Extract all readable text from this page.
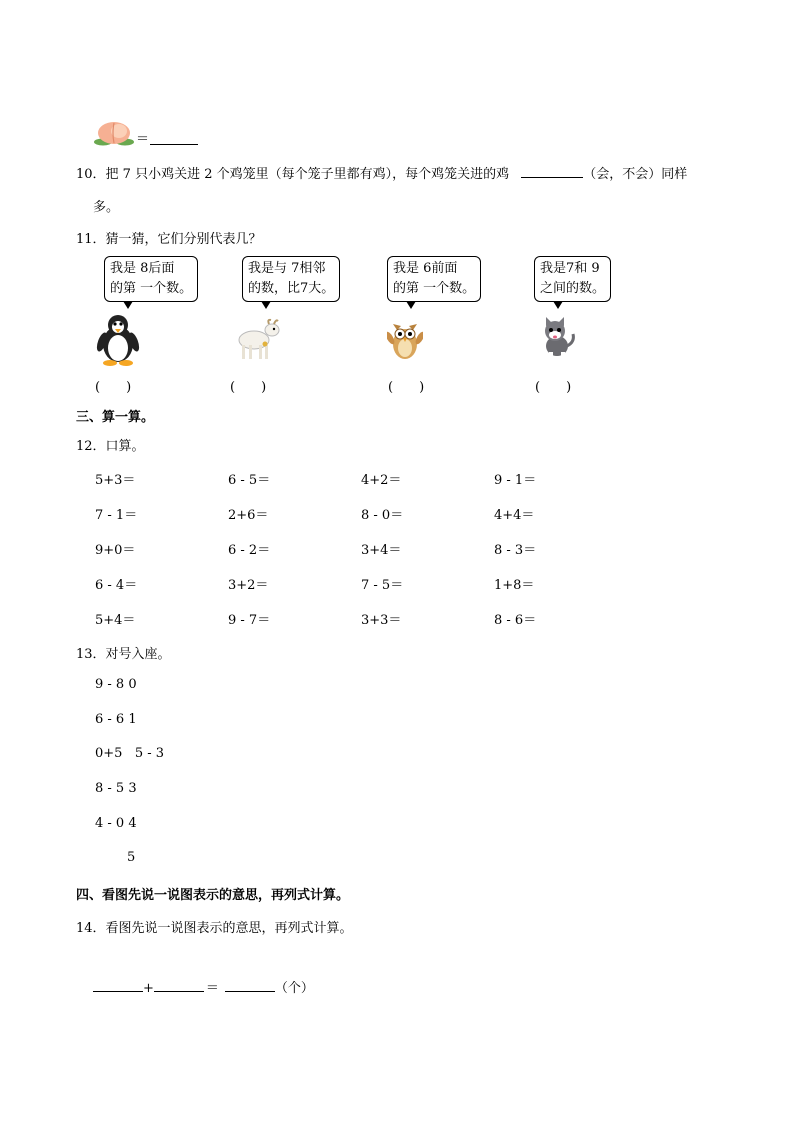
＝
10．把 7 只小鸡关进 2 个鸡笼里（每个笼子里都有鸡），每个鸡笼关进的鸡	（会，不会）同样
多。
11．猜一猜，它们分别代表几？
我是 8后面
的第 一个数。
我是与 7相邻
的数，比7大。
我是 6前面
的第 一个数。
我是7和 9
之间的数。
(　　)	(　　)	(　　)	(　　)
三、算一算。
12．口算。
5+3＝	6 - 5＝	4+2＝	9 - 1＝
7 - 1＝	2+6＝	8 - 0＝	4+4＝
9+0＝	6 - 2＝	3+4＝	8 - 3＝
6 - 4＝	3+2＝	7 - 5＝	1+8＝
5+4＝	9 - 7＝	3+3＝	8 - 6＝
13．对号入座。
9 - 8 0
6 - 6 1
0+5   5 - 3
8 - 5 3
4 - 0 4
5
四、看图先说一说图表示的意思，再列式计算。
14．看图先说一说图表示的意思，再列式计算。
+	＝	（个）
